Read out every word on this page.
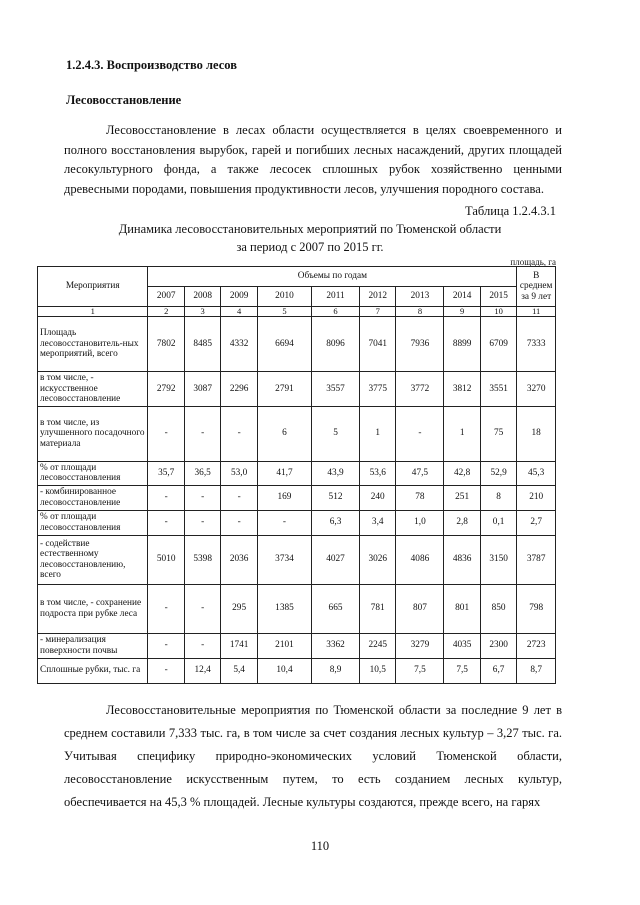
1.2.4.3. Воспроизводство лесов
Лесовосстановление

Лесовосстановление в лесах области осуществляется в целях своевременного и полного восстановления вырубок, гарей и погибших лесных насаждений, других площадей лесокультурного фонда, а также лесосек сплошных рубок хозяйственно ценными древесными породами, повышения продуктивности лесов, улучшения породного состава.

Таблица 1.2.4.3.1
Динамика лесовосстановительных мероприятий по Тюменской области
за период с 2007 по 2015 гг.
площадь, га
Мероприятия	Объемы по годам									В среднем за 9 лет
	2007	2008	2009	2010	2011	2012	2013	2014	2015	
1	2	3	4	5	6	7	8	9	10	11
Площадь лесовосстановитель-ных мероприятий, всего	7802	8485	4332	6694	8096	7041	7936	8899	6709	7333
в том числе, - искусственное лесовосстановление	2792	3087	2296	2791	3557	3775	3772	3812	3551	3270
в том числе, из улучшенного посадочного материала	-	-	-	6	5	1	-	1	75	18
% от площади лесовосстановления	35,7	36,5	53,0	41,7	43,9	53,6	47,5	42,8	52,9	45,3
- комбинированное лесовосстановление	-	-	-	169	512	240	78	251	8	210
% от площади лесовосстановления	-	-	-	-	6,3	3,4	1,0	2,8	0,1	2,7
- содействие естественному лесовосстановлению, всего	5010	5398	2036	3734	4027	3026	4086	4836	3150	3787
в том числе, - сохранение подроста при рубке леса	-	-	295	1385	665	781	807	801	850	798
- минерализация поверхности почвы	-	-	1741	2101	3362	2245	3279	4035	2300	2723
Сплошные рубки, тыс. га	-	12,4	5,4	10,4	8,9	10,5	7,5	7,5	6,7	8,7

Лесовосстановительные мероприятия по Тюменской области за последние 9 лет в среднем составили 7,333 тыс. га, в том числе за счет создания лесных культур – 3,27 тыс. га. Учитывая специфику природно-экономических условий Тюменской области, лесовосстановление искусственным путем, то есть созданием лесных культур, обеспечивается на 45,3 % площадей. Лесные культуры создаются, прежде всего, на гарях

110
